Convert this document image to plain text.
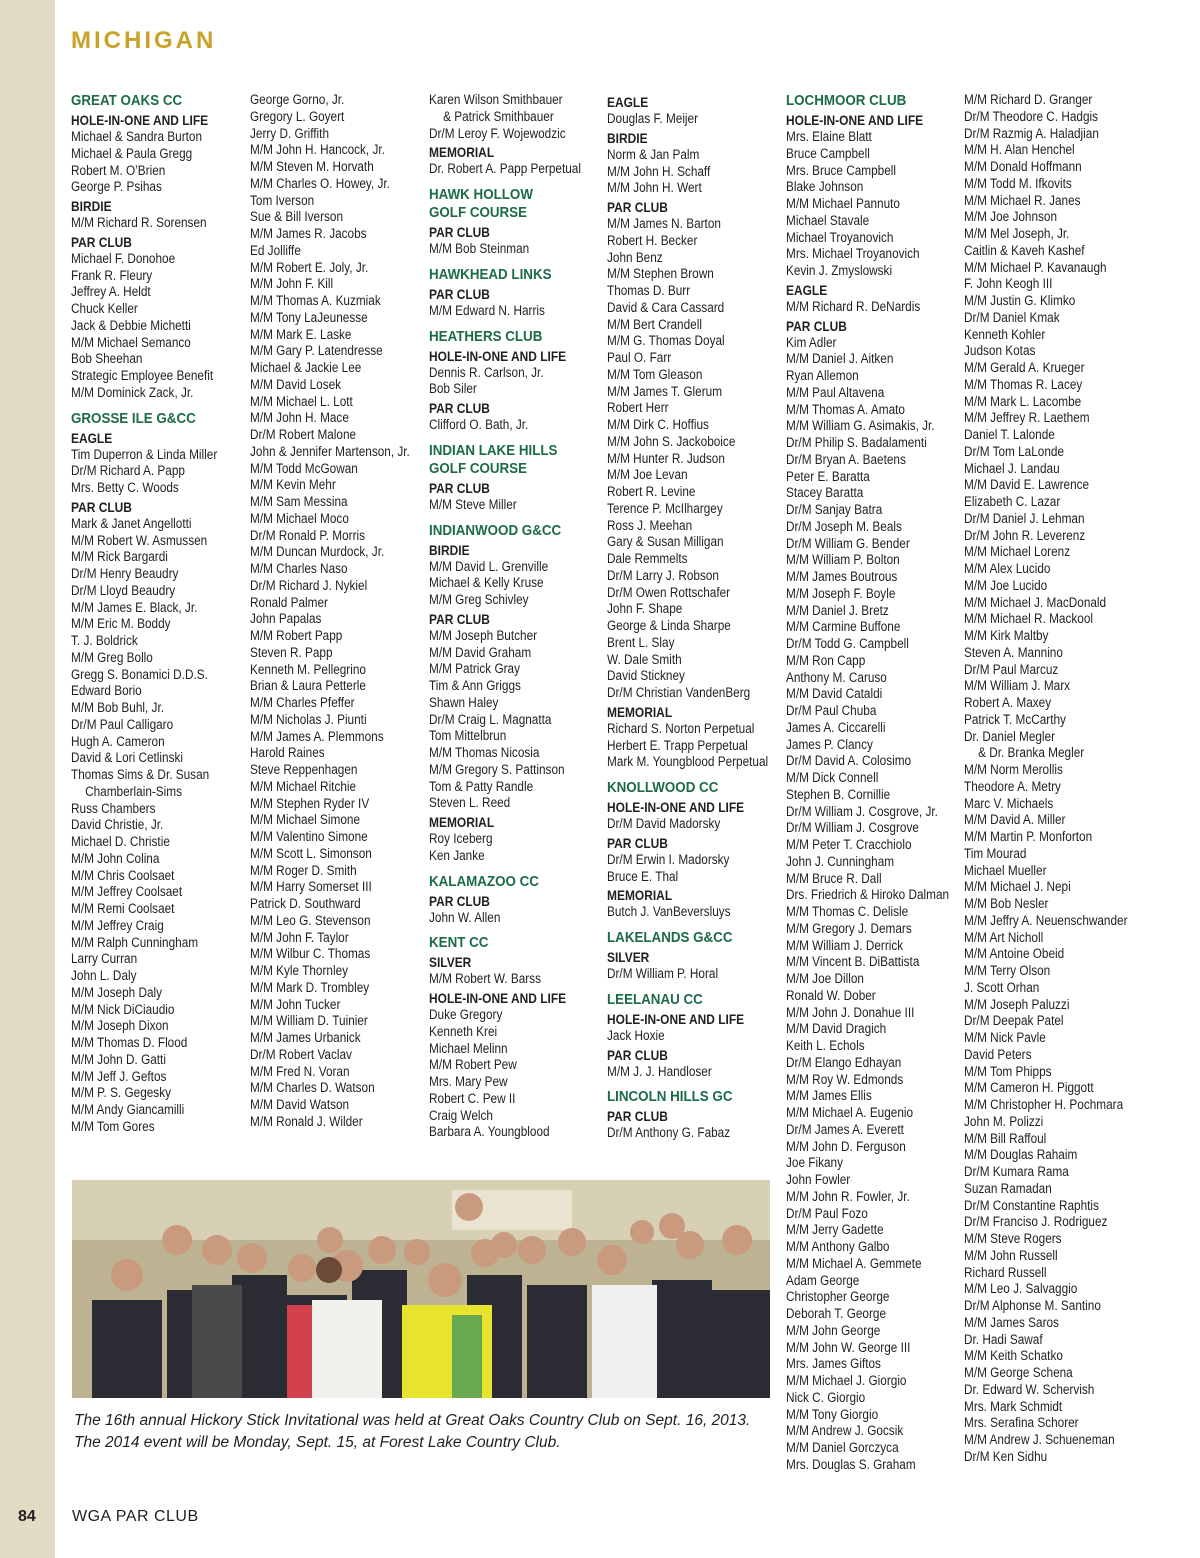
MICHIGAN
GREAT OAKS CC
HOLE-IN-ONE AND LIFE
Michael & Sandra Burton
Michael & Paula Gregg
Robert M. O’Brien
George P. Psihas
BIRDIE
M/M Richard R. Sorensen
PAR CLUB
Michael F. Donohoe
Frank R. Fleury
Jeffrey A. Heldt
Chuck Keller
Jack & Debbie Michetti
M/M Michael Semanco
Bob Sheehan
Strategic Employee Benefit
M/M Dominick Zack, Jr.
GROSSE ILE G&CC
EAGLE
Tim Duperron & Linda Miller
Dr/M Richard A. Papp
Mrs. Betty C. Woods
PAR CLUB
Mark & Janet Angellotti
M/M Robert W. Asmussen
M/M Rick Bargardi
Dr/M Henry Beaudry
Dr/M Lloyd Beaudry
M/M James E. Black, Jr.
M/M Eric M. Boddy
T. J. Boldrick
M/M Greg Bollo
Gregg S. Bonamici D.D.S.
Edward Borio
M/M Bob Buhl, Jr.
Dr/M Paul Calligaro
Hugh A. Cameron
David & Lori Cetlinski
Thomas Sims & Dr. Susan
Chamberlain-Sims
Russ Chambers
David Christie, Jr.
Michael D. Christie
M/M John Colina
M/M Chris Coolsaet
M/M Jeffrey Coolsaet
M/M Remi Coolsaet
M/M Jeffrey Craig
M/M Ralph Cunningham
Larry Curran
John L. Daly
M/M Joseph Daly
M/M Nick DiCiaudio
M/M Joseph Dixon
M/M Thomas D. Flood
M/M John D. Gatti
M/M Jeff J. Geftos
M/M P. S. Gegesky
M/M Andy Giancamilli
M/M Tom Gores
George Gorno, Jr.
Gregory L. Goyert
Jerry D. Griffith
M/M John H. Hancock, Jr.
M/M Steven M. Horvath
M/M Charles O. Howey, Jr.
Tom Iverson
Sue & Bill Iverson
M/M James R. Jacobs
Ed Jolliffe
M/M Robert E. Joly, Jr.
M/M John F. Kill
M/M Thomas A. Kuzmiak
M/M Tony LaJeunesse
M/M Mark E. Laske
M/M Gary P. Latendresse
Michael & Jackie Lee
M/M David Losek
M/M Michael L. Lott
M/M John H. Mace
Dr/M Robert Malone
John & Jennifer Martenson, Jr.
M/M Todd McGowan
M/M Kevin Mehr
M/M Sam Messina
M/M Michael Moco
Dr/M Ronald P. Morris
M/M Duncan Murdock, Jr.
M/M Charles Naso
Dr/M Richard J. Nykiel
Ronald Palmer
John Papalas
M/M Robert Papp
Steven R. Papp
Kenneth M. Pellegrino
Brian & Laura Petterle
M/M Charles Pfeffer
M/M Nicholas J. Piunti
M/M James A. Plemmons
Harold Raines
Steve Reppenhagen
M/M Michael Ritchie
M/M Stephen Ryder IV
M/M Michael Simone
M/M Valentino Simone
M/M Scott L. Simonson
M/M Roger D. Smith
M/M Harry Somerset III
Patrick D. Southward
M/M Leo G. Stevenson
M/M John F. Taylor
M/M Wilbur C. Thomas
M/M Kyle Thornley
M/M Mark D. Trombley
M/M John Tucker
M/M William D. Tuinier
M/M James Urbanick
Dr/M Robert Vaclav
M/M Fred N. Voran
M/M Charles D. Watson
M/M David Watson
M/M Ronald J. Wilder
Karen Wilson Smithbauer
& Patrick Smithbauer
Dr/M Leroy F. Wojewodzic
MEMORIAL
Dr. Robert A. Papp Perpetual
HAWK HOLLOW
GOLF COURSE
PAR CLUB
M/M Bob Steinman
HAWKHEAD LINKS
PAR CLUB
M/M Edward N. Harris
HEATHERS CLUB
HOLE-IN-ONE AND LIFE
Dennis R. Carlson, Jr.
Bob Siler
PAR CLUB
Clifford O. Bath, Jr.
INDIAN LAKE HILLS
GOLF COURSE
PAR CLUB
M/M Steve Miller
INDIANWOOD G&CC
BIRDIE
M/M David L. Grenville
Michael & Kelly Kruse
M/M Greg Schivley
PAR CLUB
M/M Joseph Butcher
M/M David Graham
M/M Patrick Gray
Tim & Ann Griggs
Shawn Haley
Dr/M Craig L. Magnatta
Tom Mittelbrun
M/M Thomas Nicosia
M/M Gregory S. Pattinson
Tom & Patty Randle
Steven L. Reed
MEMORIAL
Roy Iceberg
Ken Janke
KALAMAZOO CC
PAR CLUB
John W. Allen
KENT CC
SILVER
M/M Robert W. Barss
HOLE-IN-ONE AND LIFE
Duke Gregory
Kenneth Krei
Michael Melinn
M/M Robert Pew
Mrs. Mary Pew
Robert C. Pew II
Craig Welch
Barbara A. Youngblood
EAGLE
Douglas F. Meijer
BIRDIE
Norm & Jan Palm
M/M John H. Schaff
M/M John H. Wert
PAR CLUB
M/M James N. Barton
Robert H. Becker
John Benz
M/M Stephen Brown
Thomas D. Burr
David & Cara Cassard
M/M Bert Crandell
M/M G. Thomas Doyal
Paul O. Farr
M/M Tom Gleason
M/M James T. Glerum
Robert Herr
M/M Dirk C. Hoffius
M/M John S. Jackoboice
M/M Hunter R. Judson
M/M Joe Levan
Robert R. Levine
Terence P. McIlhargey
Ross J. Meehan
Gary & Susan Milligan
Dale Remmelts
Dr/M Larry J. Robson
Dr/M Owen Rottschafer
John F. Shape
George & Linda Sharpe
Brent L. Slay
W. Dale Smith
David Stickney
Dr/M Christian VandenBerg
MEMORIAL
Richard S. Norton Perpetual
Herbert E. Trapp Perpetual
Mark M. Youngblood Perpetual
KNOLLWOOD CC
HOLE-IN-ONE AND LIFE
Dr/M David Madorsky
PAR CLUB
Dr/M Erwin I. Madorsky
Bruce E. Thal
MEMORIAL
Butch J. VanBeversluys
LAKELANDS G&CC
SILVER
Dr/M William P. Horal
LEELANAU CC
HOLE-IN-ONE AND LIFE
Jack Hoxie
PAR CLUB
M/M J. J. Handloser
LINCOLN HILLS GC
PAR CLUB
Dr/M Anthony G. Fabaz
LOCHMOOR CLUB
HOLE-IN-ONE AND LIFE
Mrs. Elaine Blatt
Bruce Campbell
Mrs. Bruce Campbell
Blake Johnson
M/M Michael Pannuto
Michael Stavale
Michael Troyanovich
Mrs. Michael Troyanovich
Kevin J. Zmyslowski
EAGLE
M/M Richard R. DeNardis
PAR CLUB
Kim Adler
M/M Daniel J. Aitken
Ryan Allemon
M/M Paul Altavena
M/M Thomas A. Amato
M/M William G. Asimakis, Jr.
Dr/M Philip S. Badalamenti
Dr/M Bryan A. Baetens
Peter E. Baratta
Stacey Baratta
Dr/M Sanjay Batra
Dr/M Joseph M. Beals
Dr/M William G. Bender
M/M William P. Bolton
M/M James Boutrous
M/M Joseph F. Boyle
M/M Daniel J. Bretz
M/M Carmine Buffone
Dr/M Todd G. Campbell
M/M Ron Capp
Anthony M. Caruso
M/M David Cataldi
Dr/M Paul Chuba
James A. Ciccarelli
James P. Clancy
Dr/M David A. Colosimo
M/M Dick Connell
Stephen B. Cornillie
Dr/M William J. Cosgrove, Jr.
Dr/M William J. Cosgrove
M/M Peter T. Cracchiolo
John J. Cunningham
M/M Bruce R. Dall
Drs. Friedrich & Hiroko Dalman
M/M Thomas C. Delisle
M/M Gregory J. Demars
M/M William J. Derrick
M/M Vincent B. DiBattista
M/M Joe Dillon
Ronald W. Dober
M/M John J. Donahue III
M/M David Dragich
Keith L. Echols
Dr/M Elango Edhayan
M/M Roy W. Edmonds
M/M James Ellis
M/M Michael A. Eugenio
Dr/M James A. Everett
M/M John D. Ferguson
Joe Fikany
John Fowler
M/M John R. Fowler, Jr.
Dr/M Paul Fozo
M/M Jerry Gadette
M/M Anthony Galbo
M/M Michael A. Gemmete
Adam George
Christopher George
Deborah T. George
M/M John George
M/M John W. George III
Mrs. James Giftos
M/M Michael J. Giorgio
Nick C. Giorgio
M/M Tony Giorgio
M/M Andrew J. Gocsik
M/M Daniel Gorczyca
Mrs. Douglas S. Graham
M/M Richard D. Granger
Dr/M Theodore C. Hadgis
Dr/M Razmig A. Haladjian
M/M H. Alan Henchel
M/M Donald Hoffmann
M/M Todd M. Ifkovits
M/M Michael R. Janes
M/M Joe Johnson
M/M Mel Joseph, Jr.
Caitlin & Kaveh Kashef
M/M Michael P. Kavanaugh
F. John Keogh III
M/M Justin G. Klimko
Dr/M Daniel Kmak
Kenneth Kohler
Judson Kotas
M/M Gerald A. Krueger
M/M Thomas R. Lacey
M/M Mark L. Lacombe
M/M Jeffrey R. Laethem
Daniel T. Lalonde
Dr/M Tom LaLonde
Michael J. Landau
M/M David E. Lawrence
Elizabeth C. Lazar
Dr/M Daniel J. Lehman
Dr/M John R. Leverenz
M/M Michael Lorenz
M/M Alex Lucido
M/M Joe Lucido
M/M Michael J. MacDonald
M/M Michael R. Mackool
M/M Kirk Maltby
Steven A. Mannino
Dr/M Paul Marcuz
M/M William J. Marx
Robert A. Maxey
Patrick T. McCarthy
Dr. Daniel Megler
& Dr. Branka Megler
M/M Norm Merollis
Theodore A. Metry
Marc V. Michaels
M/M David A. Miller
M/M Martin P. Monforton
Tim Mourad
Michael Mueller
M/M Michael J. Nepi
M/M Bob Nesler
M/M Jeffry A. Neuenschwander
M/M Art Nicholl
M/M Antoine Obeid
M/M Terry Olson
J. Scott Orhan
M/M Joseph Paluzzi
Dr/M Deepak Patel
M/M Nick Pavle
David Peters
M/M Tom Phipps
M/M Cameron H. Piggott
M/M Christopher H. Pochmara
John M. Polizzi
M/M Bill Raffoul
M/M Douglas Rahaim
Dr/M Kumara Rama
Suzan Ramadan
Dr/M Constantine Raphtis
Dr/M Franciso J. Rodriguez
M/M Steve Rogers
M/M John Russell
Richard Russell
M/M Leo J. Salvaggio
Dr/M Alphonse M. Santino
M/M James Saros
Dr. Hadi Sawaf
M/M Keith Schatko
M/M George Schena
Dr. Edward W. Schervish
Mrs. Mark Schmidt
Mrs. Serafina Schorer
M/M Andrew J. Schueneman
Dr/M Ken Sidhu
The 16th annual Hickory Stick Invitational was held at Great Oaks Country Club on Sept. 16, 2013. The 2014 event will be Monday, Sept. 15, at Forest Lake Country Club.
84 WGA PAR CLUB
